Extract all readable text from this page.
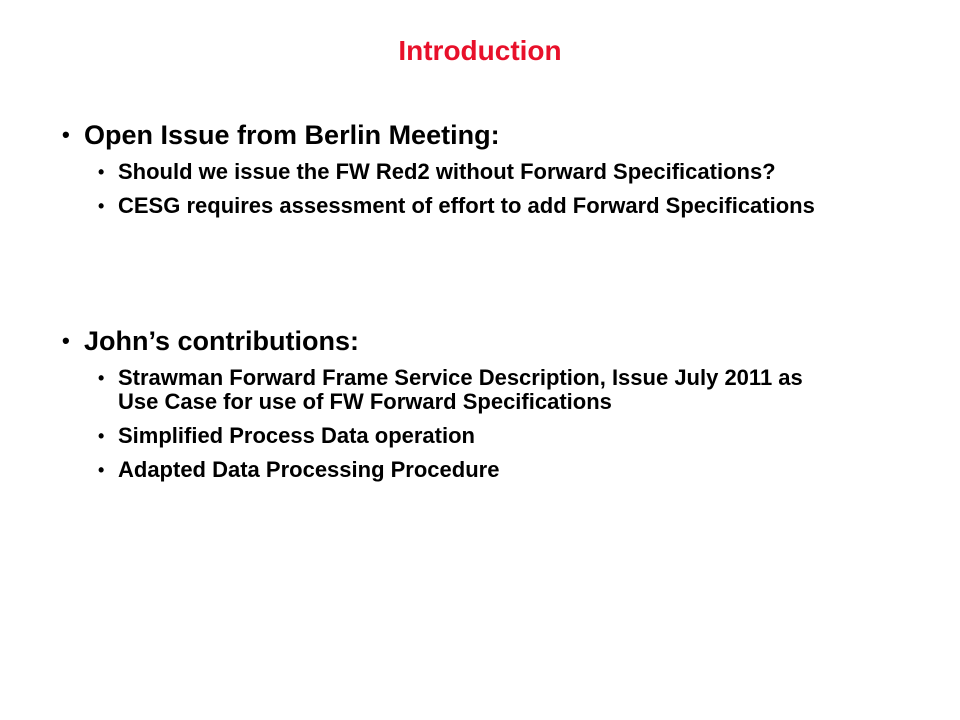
Introduction
• Open Issue from Berlin Meeting:
• Should we issue the FW Red2 without Forward Specifications?
• CESG requires assessment of effort to add Forward Specifications
• John’s contributions:
• Strawman Forward Frame Service Description, Issue July 2011 as Use Case for use of FW Forward Specifications
• Simplified Process Data operation
• Adapted Data Processing Procedure
